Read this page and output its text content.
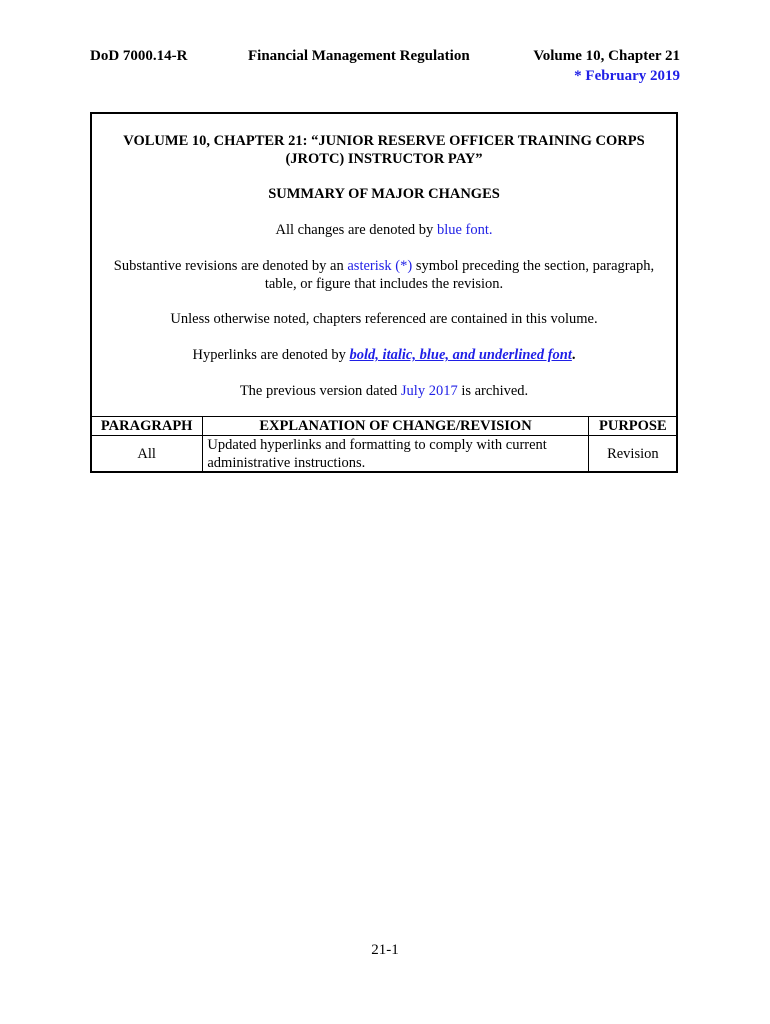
DoD 7000.14-R	Financial Management Regulation	Volume 10, Chapter 21
* February 2019
VOLUME 10, CHAPTER 21: “JUNIOR RESERVE OFFICER TRAINING CORPS
(JROTC) INSTRUCTOR PAY”
SUMMARY OF MAJOR CHANGES
All changes are denoted by blue font.
Substantive revisions are denoted by an asterisk (*) symbol preceding the section, paragraph,
table, or figure that includes the revision.
Unless otherwise noted, chapters referenced are contained in this volume.
Hyperlinks are denoted by bold, italic, blue, and underlined font.
The previous version dated July 2017 is archived.
PARAGRAPH	EXPLANATION OF CHANGE/REVISION	PURPOSE
All	Updated hyperlinks and formatting to comply with current administrative instructions.	Revision
21-1
